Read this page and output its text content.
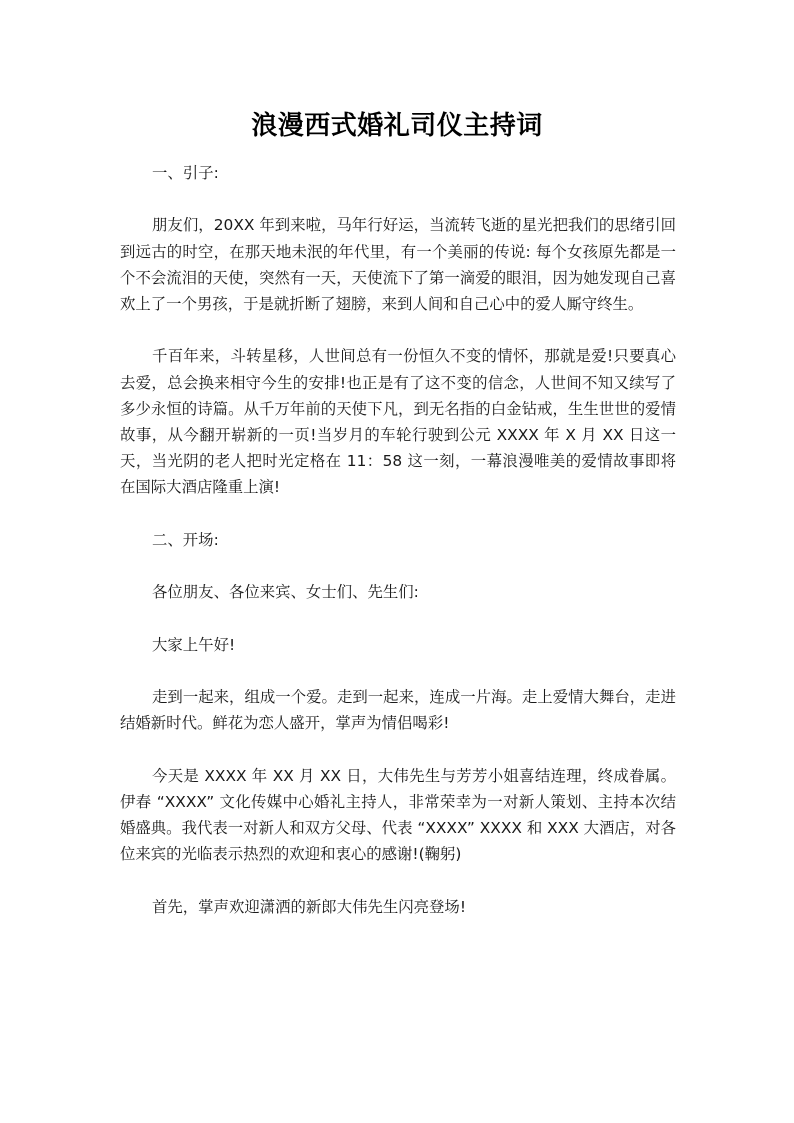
浪漫西式婚礼司仪主持词

一、引子:

朋友们，20XX 年到来啦，马年行好运，当流转飞逝的星光把我们的思绪引回到远古的时空，在那天地未泯的年代里，有一个美丽的传说: 每个女孩原先都是一个不会流泪的天使，突然有一天，天使流下了第一滴爱的眼泪，因为她发现自己喜欢上了一个男孩，于是就折断了翅膀，来到人间和自己心中的爱人厮守终生。

千百年来，斗转星移，人世间总有一份恒久不变的情怀，那就是爱!只要真心去爱，总会换来相守今生的安排!也正是有了这不变的信念，人世间不知又续写了多少永恒的诗篇。从千万年前的天使下凡，到无名指的白金钻戒，生生世世的爱情故事，从今翻开崭新的一页!当岁月的车轮行驶到公元 XXXX 年 X 月 XX 日这一天，当光阴的老人把时光定格在 11：58 这一刻，一幕浪漫唯美的爱情故事即将在国际大酒店隆重上演!

二、开场:

各位朋友、各位来宾、女士们、先生们:

大家上午好!

走到一起来，组成一个爱。走到一起来，连成一片海。走上爱情大舞台，走进结婚新时代。鲜花为恋人盛开，掌声为情侣喝彩!

今天是 XXXX 年 XX 月 XX 日，大伟先生与芳芳小姐喜结连理，终成眷属。伊春 “XXXX” 文化传媒中心婚礼主持人，非常荣幸为一对新人策划、主持本次结婚盛典。我代表一对新人和双方父母、代表 “XXXX” XXXX 和 XXX 大酒店，对各位来宾的光临表示热烈的欢迎和衷心的感谢!(鞠躬)

首先，掌声欢迎潇洒的新郎大伟先生闪亮登场!
